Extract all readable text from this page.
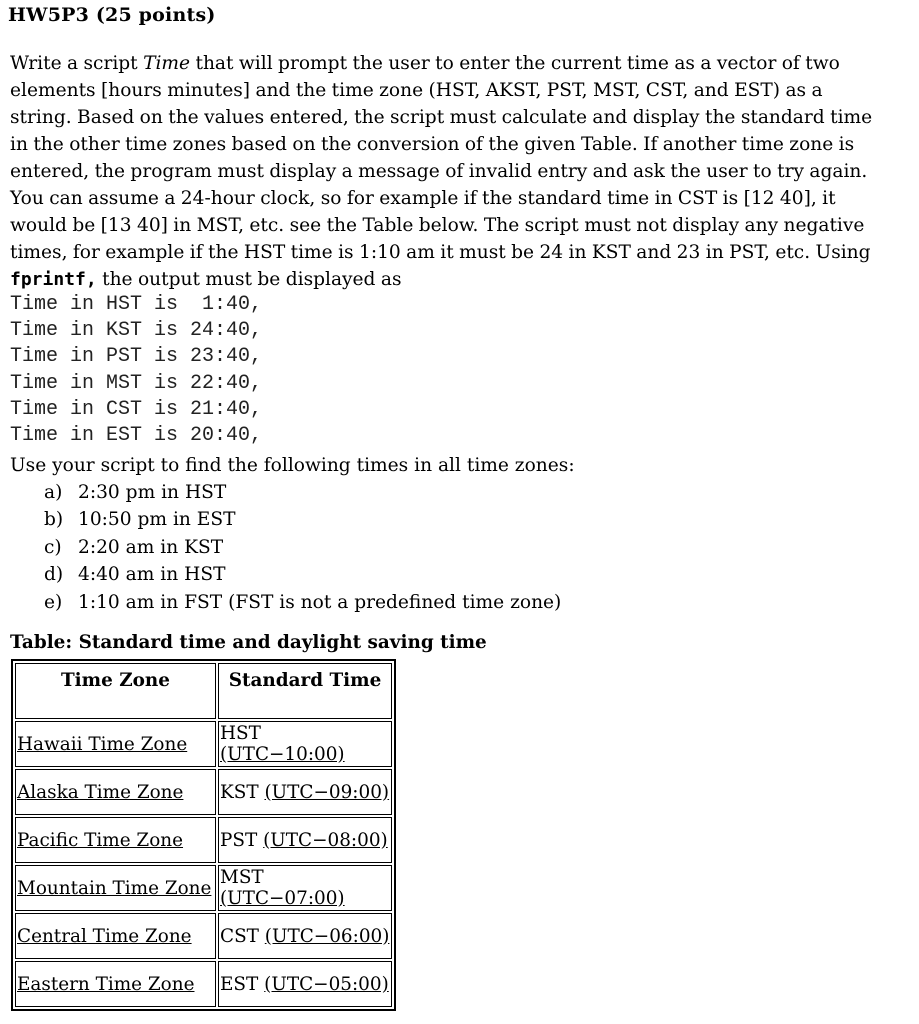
HW5P3 (25 points)
Write a script Time that will prompt the user to enter the current time as a vector of two
elements [hours minutes] and the time zone (HST, AKST, PST, MST, CST, and EST) as a
string. Based on the values entered, the script must calculate and display the standard time
in the other time zones based on the conversion of the given Table. If another time zone is
entered, the program must display a message of invalid entry and ask the user to try again.
You can assume a 24-hour clock, so for example if the standard time in CST is [12 40], it
would be [13 40] in MST, etc. see the Table below. The script must not display any negative
times, for example if the HST time is 1:10 am it must be 24 in KST and 23 in PST, etc. Using
fprintf, the output must be displayed as
Time in HST is  1:40,
Time in KST is 24:40,
Time in PST is 23:40,
Time in MST is 22:40,
Time in CST is 21:40,
Time in EST is 20:40,
Use your script to find the following times in all time zones:
a) 2:30 pm in HST
b) 10:50 pm in EST
c) 2:20 am in KST
d) 4:40 am in HST
e) 1:10 am in FST (FST is not a predefined time zone)
Table: Standard time and daylight saving time
Time Zone	Standard Time
Hawaii Time Zone	HST (UTC−10:00)
Alaska Time Zone	KST (UTC−09:00)
Pacific Time Zone	PST (UTC−08:00)
Mountain Time Zone	MST (UTC−07:00)
Central Time Zone	CST (UTC−06:00)
Eastern Time Zone	EST (UTC−05:00)
